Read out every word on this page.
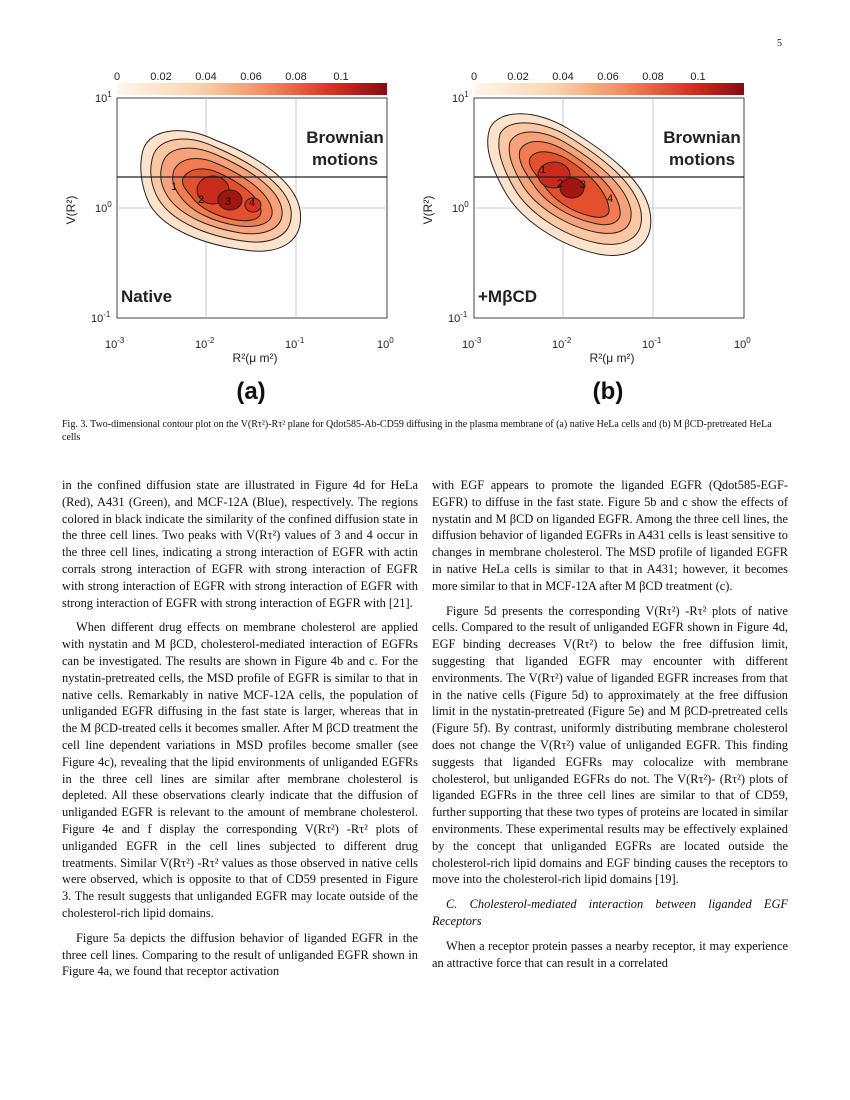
5
0	0.02 0.04 0.06 0.08 0.1
1
2 3 4
Brownian
motions
Native
$10^1$
$10^0$
$10^{-1}$
V(R²)
$10^{-3}$	$10^{-2}$	$10^{-1}$	$10^0$
R²(μ m²)
(a)
0	0.02 0.04 0.06 0.08 0.1
1
2 3
4
Brownian
motions
+MβCD
$10^1$
$10^0$
$10^{-1}$
V(R²)
$10^{-3}$	$10^{-2}$	$10^{-1}$	$10^0$
R²(μ m²)
(b)
Fig. 3. Two-dimensional contour plot on the V(Rτ²)-Rτ² plane for Qdot585-Ab-CD59 diffusing in the plasma membrane of (a) native HeLa cells and (b) M βCD-pretreated HeLa cells

in the confined diffusion state are illustrated in Figure 4d for HeLa (Red), A431 (Green), and MCF-12A (Blue), respectively. The regions colored in black indicate the similarity of the confined diffusion state in the three cell lines. Two peaks with V(Rτ²) values of 3 and 4 occur in the three cell lines, indicating a strong interaction of EGFR with actin corrals strong interaction of EGFR with strong interaction of EGFR with strong interaction of EGFR with strong interaction of EGFR with strong interaction of EGFR with strong interaction of EGFR with [21].

When different drug effects on membrane cholesterol are applied with nystatin and M βCD, cholesterol-mediated interaction of EGFRs can be investigated. The results are shown in Figure 4b and c. For the nystatin-pretreated cells, the MSD profile of EGFR is similar to that in native cells. Remarkably in native MCF-12A cells, the population of unliganded EGFR diffusing in the fast state is larger, whereas that in the M βCD-treated cells it becomes smaller. After M βCD treatment the cell line dependent variations in MSD profiles become smaller (see Figure 4c), revealing that the lipid environments of unliganded EGFRs in the three cell lines are similar after membrane cholesterol is depleted. All these observations clearly indicate that the diffusion of unliganded EGFR is relevant to the amount of membrane cholesterol. Figure 4e and f display the corresponding V(Rτ²) -Rτ² plots of unliganded EGFR in the cell lines subjected to different drug treatments. Similar V(Rτ²) -Rτ² values as those observed in native cells were observed, which is opposite to that of CD59 presented in Figure 3. The result suggests that unliganded EGFR may locate outside of the cholesterol-rich lipid domains.

Figure 5a depicts the diffusion behavior of liganded EGFR in the three cell lines. Comparing to the result of unliganded EGFR shown in Figure 4a, we found that receptor activation

with EGF appears to promote the liganded EGFR (Qdot585-EGF-EGFR) to diffuse in the fast state. Figure 5b and c show the effects of nystatin and M βCD on liganded EGFR. Among the three cell lines, the diffusion behavior of liganded EGFRs in A431 cells is least sensitive to changes in membrane cholesterol. The MSD profile of liganded EGFR in native HeLa cells is similar to that in A431; however, it becomes more similar to that in MCF-12A after M βCD treatment (c).

Figure 5d presents the corresponding V(Rτ²) -Rτ² plots of native cells. Compared to the result of unliganded EGFR shown in Figure 4d, EGF binding decreases V(Rτ²) to below the free diffusion limit, suggesting that liganded EGFR may encounter with different environments. The V(Rτ²) value of liganded EGFR increases from that in the native cells (Figure 5d) to approximately at the free diffusion limit in the nystatin-pretreated (Figure 5e) and M βCD-pretreated cells (Figure 5f). By contrast, uniformly distributing membrane cholesterol does not change the V(Rτ²) value of unliganded EGFR. This finding suggests that liganded EGFRs may colocalize with membrane cholesterol, but unliganded EGFRs do not. The V(Rτ²)- (Rτ²) plots of liganded EGFRs in the three cell lines are similar to that of CD59, further supporting that these two types of proteins are located in similar environments. These experimental results may be effectively explained by the concept that unliganded EGFRs are located outside the cholesterol-rich lipid domains and EGF binding causes the receptors to move into the cholesterol-rich lipid domains [19].

C. Cholesterol-mediated interaction between liganded EGF Receptors

When a receptor protein passes a nearby receptor, it may experience an attractive force that can result in a correlated
